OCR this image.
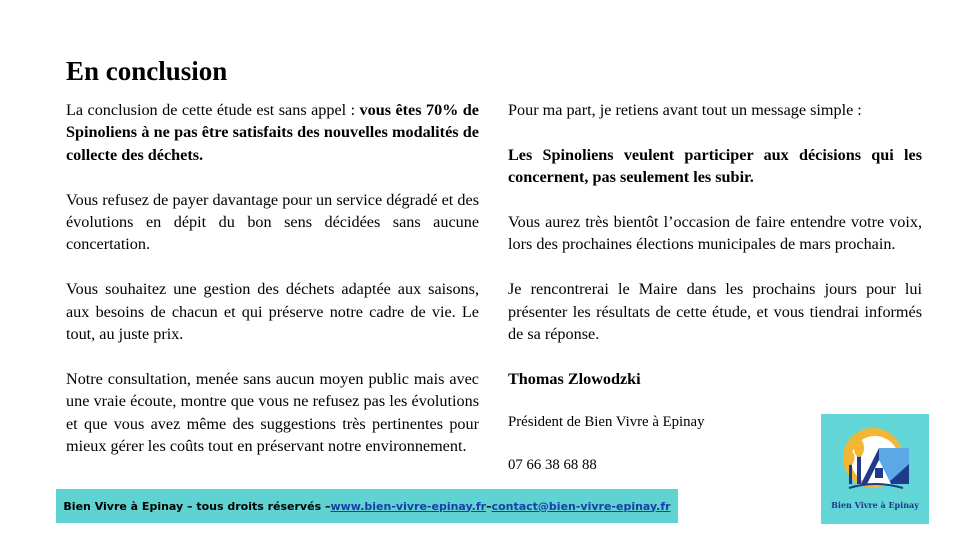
En conclusion

La conclusion de cette étude est sans appel : vous êtes 70% de Spinoliens à ne pas être satisfaits des nouvelles modalités de collecte des déchets.

Vous refusez de payer davantage pour un service dégradé et des évolutions en dépit du bon sens décidées sans aucune concertation.

Vous souhaitez une gestion des déchets adaptée aux saisons, aux besoins de chacun et qui préserve notre cadre de vie. Le tout, au juste prix.

Notre consultation, menée sans aucun moyen public mais avec une vraie écoute, montre que vous ne refusez pas les évolutions et que vous avez même des suggestions très pertinentes pour mieux gérer les coûts tout en préservant notre environnement.

Pour ma part, je retiens avant tout un message simple :

Les Spinoliens veulent participer aux décisions qui les concernent, pas seulement les subir.

Vous aurez très bientôt l’occasion de faire entendre votre voix, lors des prochaines élections municipales de mars prochain.

Je rencontrerai le Maire dans les prochains jours pour lui présenter les résultats de cette étude, et vous tiendrai informés de sa réponse.

Thomas Zlowodzki

Président de Bien Vivre à Epinay

07 66 38 68 88

Bien Vivre à Epinay – tous droits réservés – www.bien-vivre-epinay.fr – contact@bien-vivre-epinay.fr	Bien Vivre à Epinay
